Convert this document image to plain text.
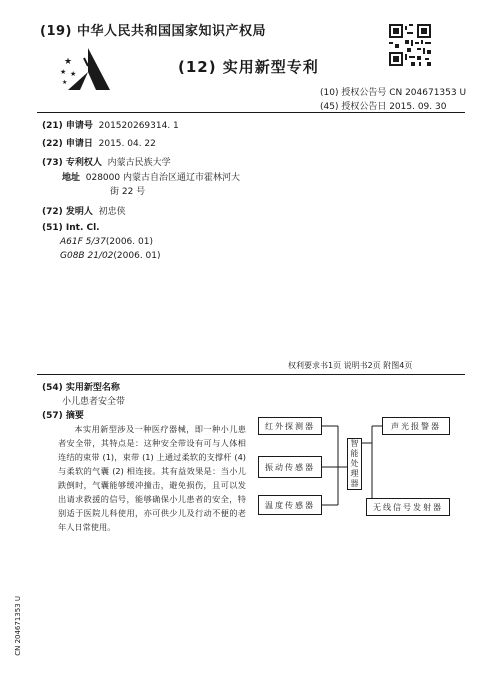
(19) 中华人民共和国国家知识产权局
★
★ ★
★
(12) 实用新型专利
(10) 授权公告号 CN 204671353 U
(45) 授权公告日 2015. 09. 30
(21) 申请号 201520269314. 1
(22) 申请日 2015. 04. 22
(73) 专利权人 内蒙古民族大学
地址 028000 内蒙古自治区通辽市霍林河大
街 22 号
(72) 发明人 初忠侠
(51) Int. Cl.
A61F 5/37(2006. 01)
G08B 21/02(2006. 01)
权利要求书1页 说明书2页 附图4页
(54) 实用新型名称
小儿患者安全带
(57) 摘要

本实用新型涉及一种医疗器械，即一种小儿患者安全带，其特点是：这种安全带设有可与人体相连结的束带 (1)，束带 (1) 上通过柔软的支撑杆 (4) 与柔软的气囊 (2) 相连接。其有益效果是：当小儿跌倒时，气囊能够缓冲撞击，避免损伤，且可以发出请求救援的信号，能够确保小儿患者的安全，特别适于医院儿科使用，亦可供少儿及行动不便的老年人日常使用。

红外探测器
振动传感器
温度传感器
智能处理器
声光报警器
无线信号发射器
CN 204671353 U
